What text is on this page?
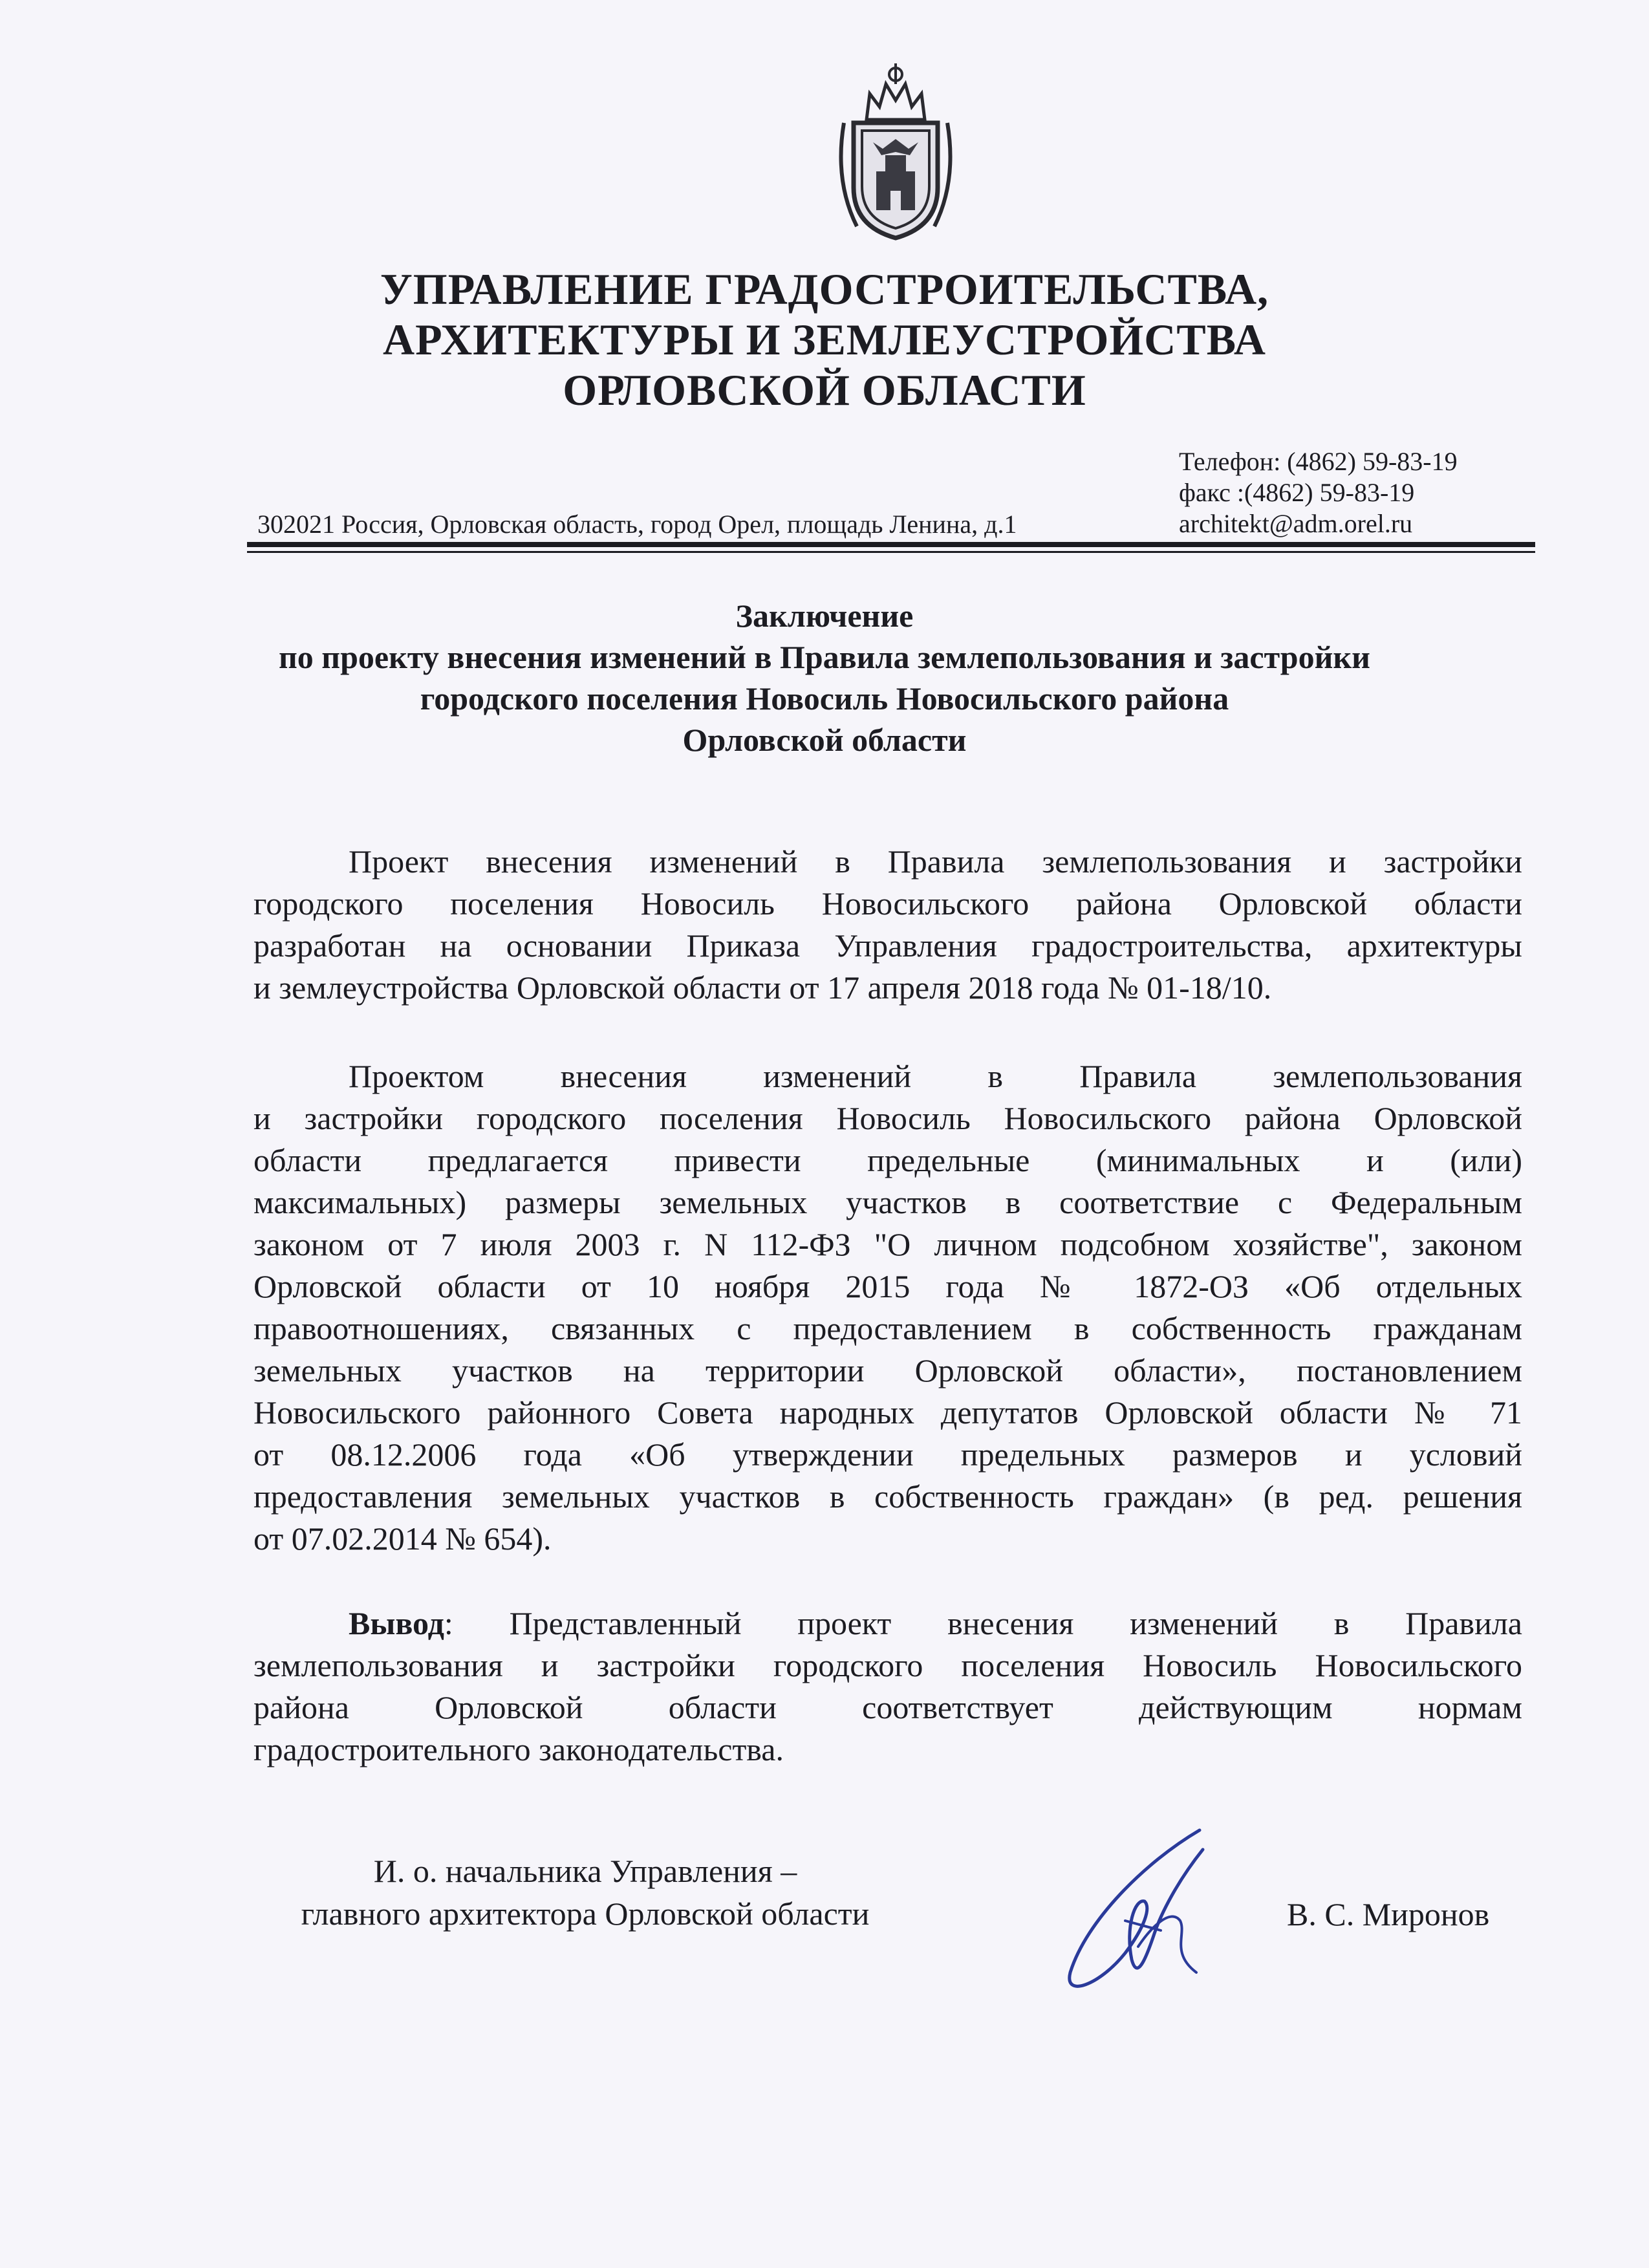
УПРАВЛЕНИЕ ГРАДОСТРОИТЕЛЬСТВА,
АРХИТЕКТУРЫ И ЗЕМЛЕУСТРОЙСТВА
ОРЛОВСКОЙ ОБЛАСТИ
Телефон: (4862) 59-83-19
факс :(4862) 59-83-19
architekt@adm.orel.ru
302021 Россия, Орловская область, город Орел, площадь Ленина, д.1
Заключение
по проекту внесения изменений в Правила землепользования и застройки
городского поселения Новосиль Новосильского района
Орловской области
Проект внесения изменений в Правила землепользования и застройки
городского поселения Новосиль Новосильского района Орловской области
разработан на основании Приказа Управления градостроительства, архитектуры
и землеустройства Орловской области от 17 апреля 2018 года № 01-18/10.
Проектом внесения изменений в Правила землепользования
и застройки городского поселения Новосиль Новосильского района Орловской
области предлагается привести предельные (минимальных и (или)
максимальных) размеры земельных участков в соответствие с Федеральным
законом от 7 июля 2003 г. N 112-ФЗ "О личном подсобном хозяйстве", законом
Орловской области от 10 ноября 2015 года № 1872-ОЗ «Об отдельных
правоотношениях, связанных с предоставлением в собственность гражданам
земельных участков на территории Орловской области», постановлением
Новосильского районного Совета народных депутатов Орловской области № 71
от 08.12.2006 года «Об утверждении предельных размеров и условий
предоставления земельных участков в собственность граждан» (в ред. решения
от 07.02.2014 № 654).
Вывод: Представленный проект внесения изменений в Правила
землепользования и застройки городского поселения Новосиль Новосильского
района Орловской области соответствует действующим нормам
градостроительного законодательства.
И. о. начальника Управления –
главного архитектора Орловской области	В. С. Миронов
